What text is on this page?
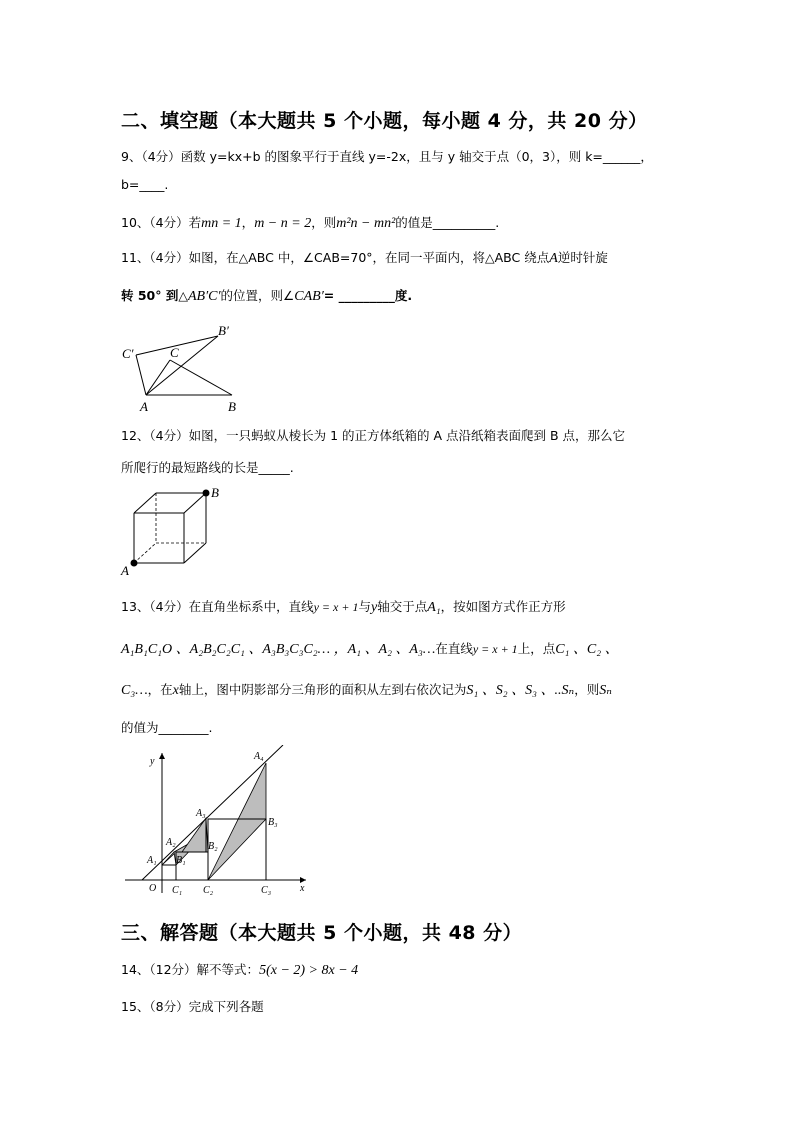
二、填空题（本大题共 5 个小题，每小题 4 分，共 20 分）
9、（4分）函数 y=kx+b 的图象平行于直线 y=-2x，且与 y 轴交于点（0，3），则 k=______，
b=____.
10、（4分）若mn = 1，m − n = 2，则m²n − mn²的值是__________.
11、（4分）如图，在△ABC 中，∠CAB=70°，在同一平面内，将△ABC 绕点A逆时针旋
转 50° 到△AB′C′的位置，则∠CAB′= _________度.
A	B
C
B′
C′
12、（4分）如图，一只蚂蚁从棱长为 1 的正方体纸箱的 A 点沿纸箱表面爬到 B 点，那么它
所爬行的最短路线的长是_____.
A
B
13、（4分）在直角坐标系中，直线y = x + 1与y轴交于点A₁，按如图方式作正方形
A₁B₁C₁O 、A₂B₂C₂C₁ 、A₃B₃C₃C₂… ，A₁ 、A₂ 、A₃…在直线y = x + 1上，点C₁ 、C₂ 、
C₃…，在x轴上，图中阴影部分三角形的面积从左到右依次记为S₁ 、S₂ 、S₃ 、..Sₙ，则Sₙ
的值为________.
y
x
O
A₁
A₂
A₃
A₄
B₁
B₂
B₃
C₁ C₂	C₃
三、解答题（本大题共 5 个小题，共 48 分）
14、（12分）解不等式：5(x − 2) > 8x − 4
15、（8分）完成下列各题
